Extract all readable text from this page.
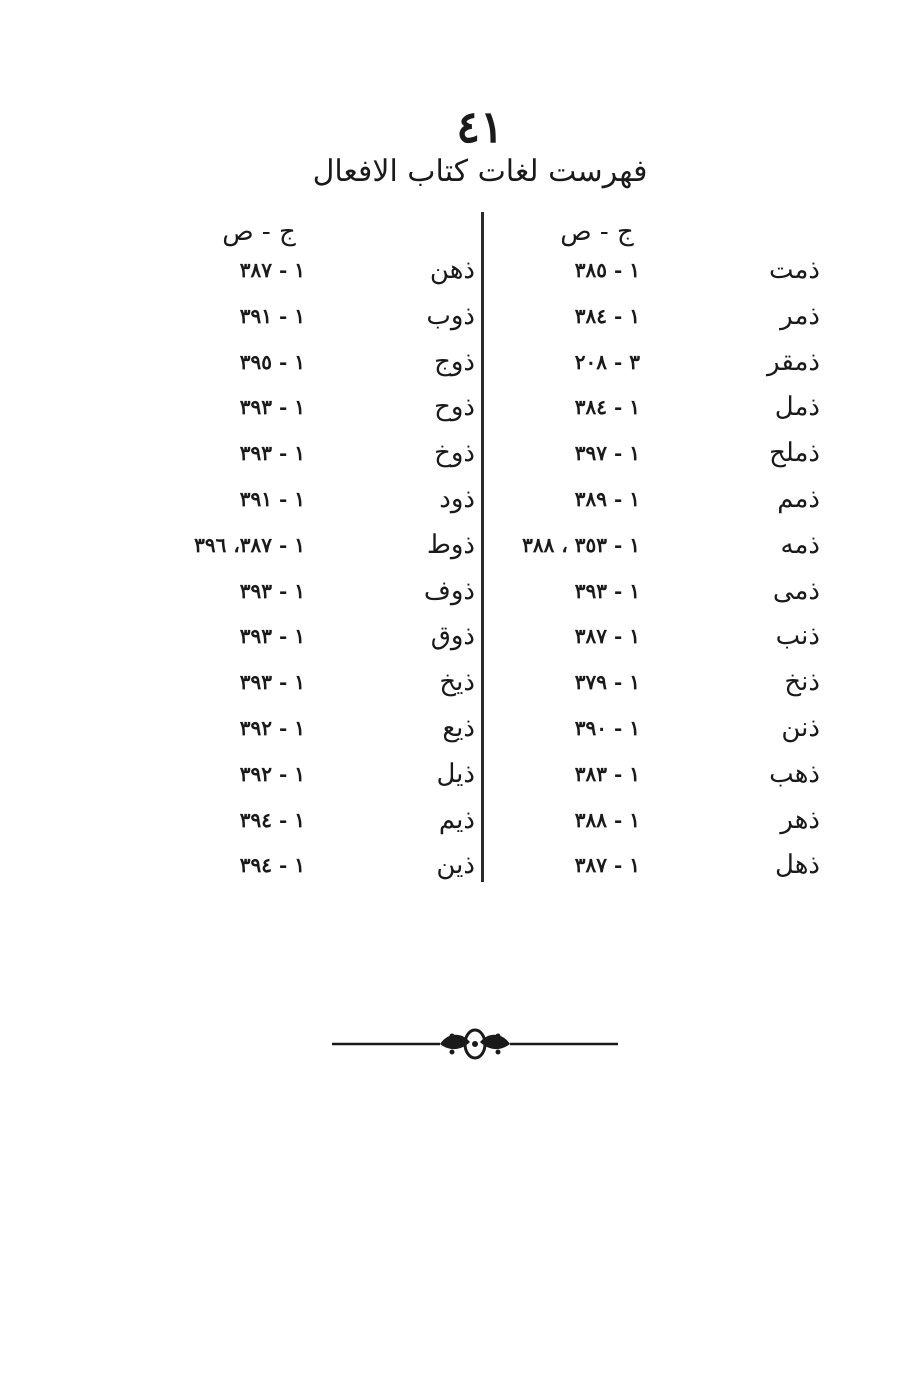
٤١
فهرست لغات كتاب الافعال
ج - ص
ج - ص
ذمت
١ - ٣٨٥
ذمر
١ - ٣٨٤
ذمقر
٣ - ٢٠٨
ذمل
١ - ٣٨٤
ذملح
١ - ٣٩٧
ذمم
١ - ٣٨٩
ذمه
١ - ٣٥٣ ، ٣٨٨
ذمى
١ - ٣٩٣
ذنب
١ - ٣٨٧
ذنخ
١ - ٣٧٩
ذنن
١ - ٣٩٠
ذهب
١ - ٣٨٣
ذهر
١ - ٣٨٨
ذهل
١ - ٣٨٧
ذهن
١ - ٣٨٧
ذوب
١ - ٣٩١
ذوج
١ - ٣٩٥
ذوح
١ - ٣٩٣
ذوخ
١ - ٣٩٣
ذود
١ - ٣٩١
ذوط
١ - ٣٨٧، ٣٩٦
ذوف
١ - ٣٩٣
ذوق
١ - ٣٩٣
ذيخ
١ - ٣٩٣
ذيع
١ - ٣٩٢
ذيل
١ - ٣٩٢
ذيم
١ - ٣٩٤
ذين
١ - ٣٩٤
